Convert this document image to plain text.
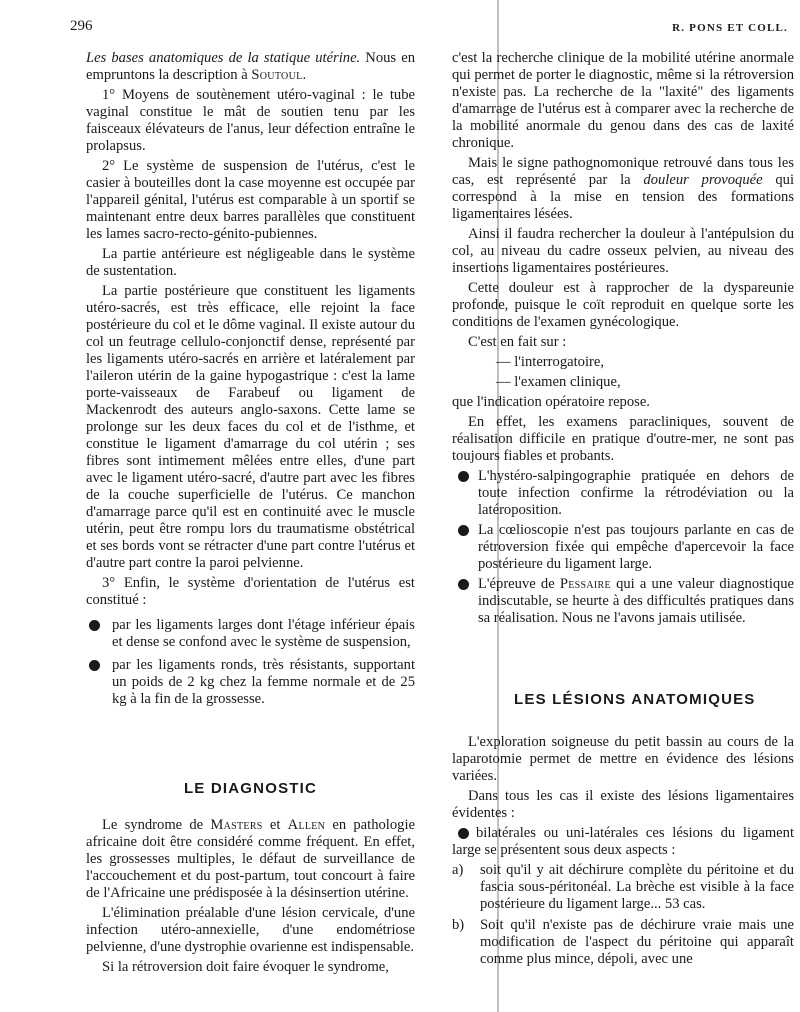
296	R. PONS ET COLL.

Les bases anatomiques de la statique utérine. Nous en empruntons la description à Soutoul.

1° Moyens de soutènement utéro-vaginal : le tube vaginal constitue le mât de soutien tenu par les faisceaux élévateurs de l'anus, leur défection entraîne le prolapsus.

2° Le système de suspension de l'utérus, c'est le casier à bouteilles dont la case moyenne est occupée par l'appareil génital, l'utérus est comparable à un sportif se maintenant entre deux barres parallèles que constituent les lames sacro-recto-génito-pubiennes.

La partie antérieure est négligeable dans le système de sustentation.

La partie postérieure que constituent les ligaments utéro-sacrés, est très efficace, elle rejoint la face postérieure du col et le dôme vaginal. Il existe autour du col un feutrage cellulo-conjonctif dense, représenté par les ligaments utéro-sacrés en arrière et latéralement par l'aileron utérin de la gaine hypogastrique : c'est la lame porte-vaisseaux de Farabeuf ou ligament de Mackenrodt des auteurs anglo-saxons. Cette lame se prolonge sur les deux faces du col et de l'isthme, et constitue le ligament d'amarrage du col utérin ; ses fibres sont intimement mêlées entre elles, d'une part avec le ligament utéro-sacré, d'autre part avec les fibres de la couche superficielle de l'utérus. Ce manchon d'amarrage parce qu'il est en continuité avec le muscle utérin, peut être rompu lors du traumatisme obstétrical et ses bords vont se rétracter d'une part contre l'utérus et d'autre part contre la paroi pelvienne.

3° Enfin, le système d'orientation de l'utérus est constitué :

par les ligaments larges dont l'étage inférieur épais et dense se confond avec le système de suspension,
par les ligaments ronds, très résistants, supportant un poids de 2 kg chez la femme normale et de 25 kg à la fin de la grossesse.
LE DIAGNOSTIC

Le syndrome de Masters et Allen en pathologie africaine doit être considéré comme fréquent. En effet, les grossesses multiples, le défaut de surveillance de l'accouchement et du post-partum, tout concourt à faire de l'Africaine une prédisposée à la désinsertion utérine.

L'élimination préalable d'une lésion cervicale, d'une infection utéro-annexielle, d'une endométriose pelvienne, d'une dystrophie ovarienne est indispensable.

Si la rétroversion doit faire évoquer le syndrome,

c'est la recherche clinique de la mobilité utérine anormale qui permet de porter le diagnostic, même si la rétroversion n'existe pas. La recherche de la "laxité" des ligaments d'amarrage de l'utérus est à comparer avec la recherche de la mobilité anormale du genou dans des cas de laxité chronique.

Mais le signe pathognomonique retrouvé dans tous les cas, est représenté par la douleur provoquée qui correspond à la mise en tension des formations ligamentaires lésées.

Ainsi il faudra rechercher la douleur à l'antépulsion du col, au niveau du cadre osseux pelvien, au niveau des insertions ligamentaires postérieures.

Cette douleur est à rapprocher de la dyspareunie profonde, puisque le coït reproduit en quelque sorte les conditions de l'examen gynécologique.

C'est en fait sur :

— l'interrogatoire,

— l'examen clinique,

que l'indication opératoire repose.

En effet, les examens paracliniques, souvent de réalisation difficile en pratique d'outre-mer, ne sont pas toujours fiables et probants.

L'hystéro-salpingographie pratiquée en dehors de toute infection confirme la rétrodéviation ou la latéroposition.
La cœlioscopie n'est pas toujours parlante en cas de rétroversion fixée qui empêche d'apercevoir la face postérieure du ligament large.
L'épreuve de Pessaire qui a une valeur diagnostique indiscutable, se heurte à des difficultés pratiques dans sa réalisation. Nous ne l'avons jamais utilisée.
LES LÉSIONS ANATOMIQUES

L'exploration soigneuse du petit bassin au cours de la laparotomie permet de mettre en évidence des lésions variées.

Dans tous les cas il existe des lésions ligamentaires évidentes :

bilatérales ou uni-latérales ces lésions du ligament large se présentent sous deux aspects :
a) soit qu'il y ait déchirure complète du péritoine et du fascia sous-péritonéal. La brèche est visible à la face postérieure du ligament large... 53 cas.
b) Soit qu'il n'existe pas de déchirure vraie mais une modification de l'aspect du péritoine qui apparaît comme plus mince, dépoli, avec une
